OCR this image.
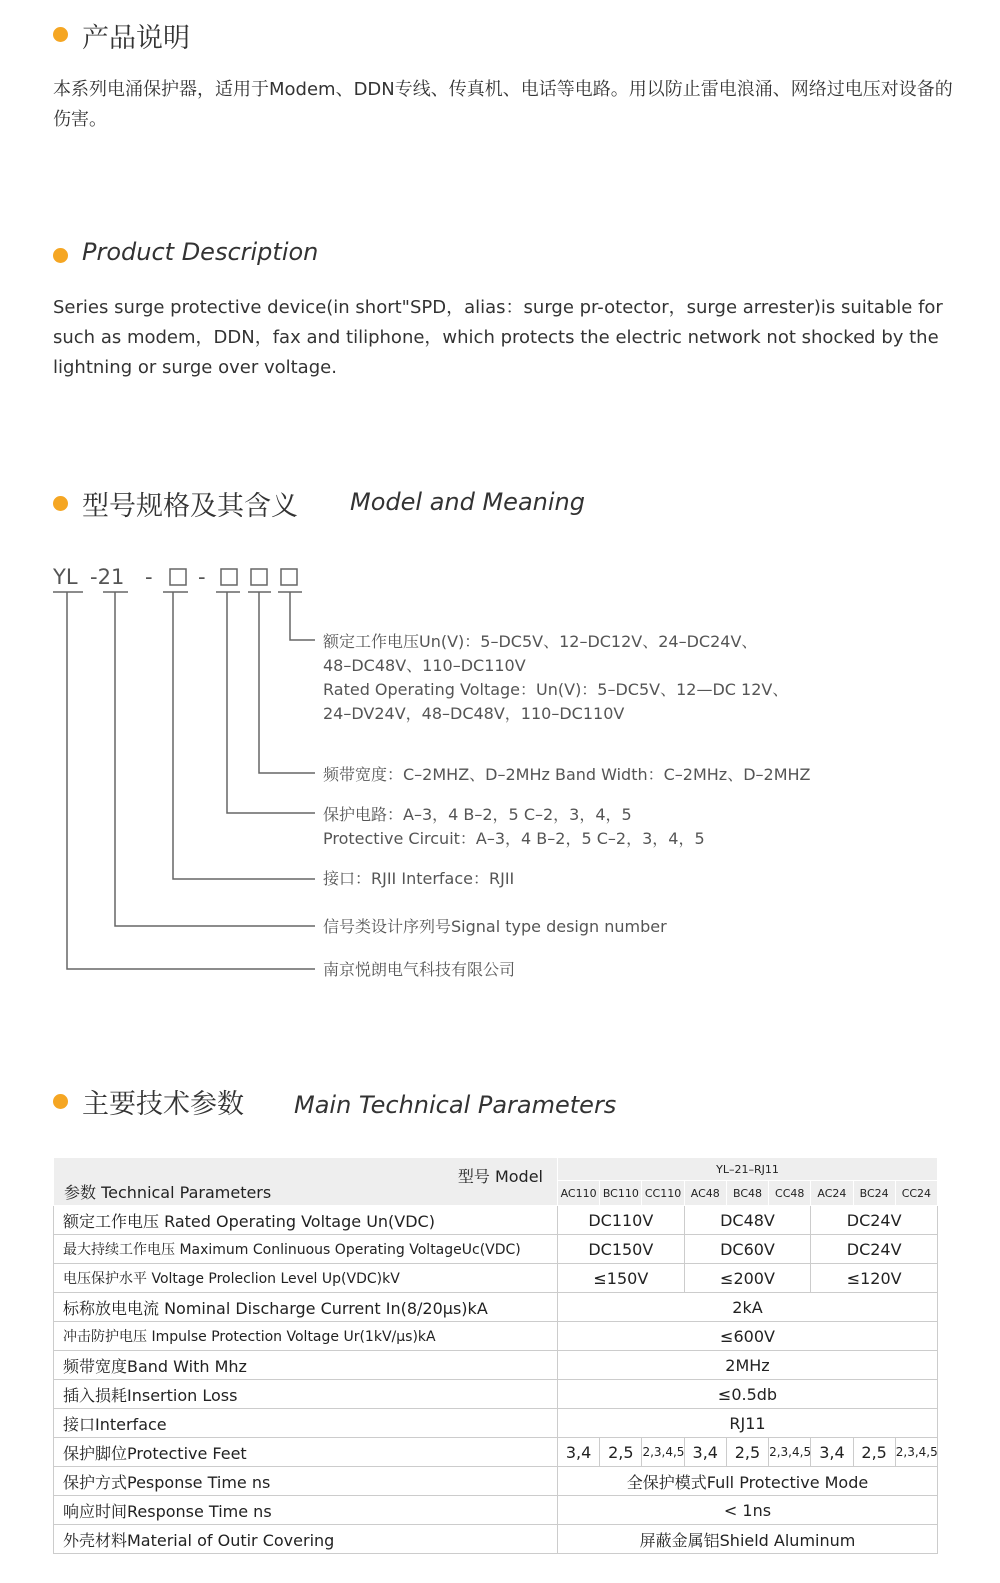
产品说明
本系列电涌保护器，适用于Modem、DDN专线、传真机、电话等电路。用以防止雷电浪涌、网络过电压对设备的伤害。
Product Description
Series surge protective device(in short"SPD，alias：surge pr-otector，surge arrester)is suitable for such as modem，DDN，fax and tiliphone，which protects the electric network not shocked by the lightning or surge over voltage.
型号规格及其含义 Model and Meaning
YL -21 - -
额定工作电压Un(V)：5–DC5V、12–DC12V、24–DC24V、
48–DC48V、110–DC110V
Rated Operating Voltage：Un(V)：5–DC5V、12—DC 12V、
24–DV24V，48–DC48V，110–DC110V
频带宽度：C–2MHZ、D–2MHz Band Width：C–2MHz、D–2MHZ
保护电路：A–3，4 B–2，5 C–2，3，4，5
Protective Circuit：A–3，4 B–2，5 C–2，3，4，5
接口：RJII Interface：RJII
信号类设计序列号Signal type design number
南京悦朗电气科技有限公司
主要技术参数 Main Technical Parameters
型号 Model
参数 Technical Parameters	YL–21–RJ11								
	AC110	BC110	CC110	AC48	BC48	CC48	AC24	BC24	CC24
额定工作电压 Rated Operating Voltage Un(VDC)	DC110V			DC48V			DC24V		
最大持续工作电压 Maximum Conlinuous Operating VoltageUc(VDC)	DC150V			DC60V			DC24V		
电压保护水平 Voltage Proleclion Level Up(VDC)kV	≤150V			≤200V			≤120V		
标称放电电流 Nominal Discharge Current In(8/20μs)kA	2kA								
冲击防护电压 Impulse Protection Voltage Ur(1kV/μs)kA	≤600V								
频带宽度Band With Mhz	2MHz								
插入损耗Insertion Loss	≤0.5db								
接口Interface	RJ11								
保护脚位Protective Feet	3,4	2,5	2,3,4,5	3,4	2,5	2,3,4,5	3,4	2,5	2,3,4,5
保护方式Pesponse Time ns	全保护模式Full Protective Mode								
响应时间Response Time ns	< 1ns								
外壳材料Material of Outir Covering	屏蔽金属铝Shield Aluminum								
